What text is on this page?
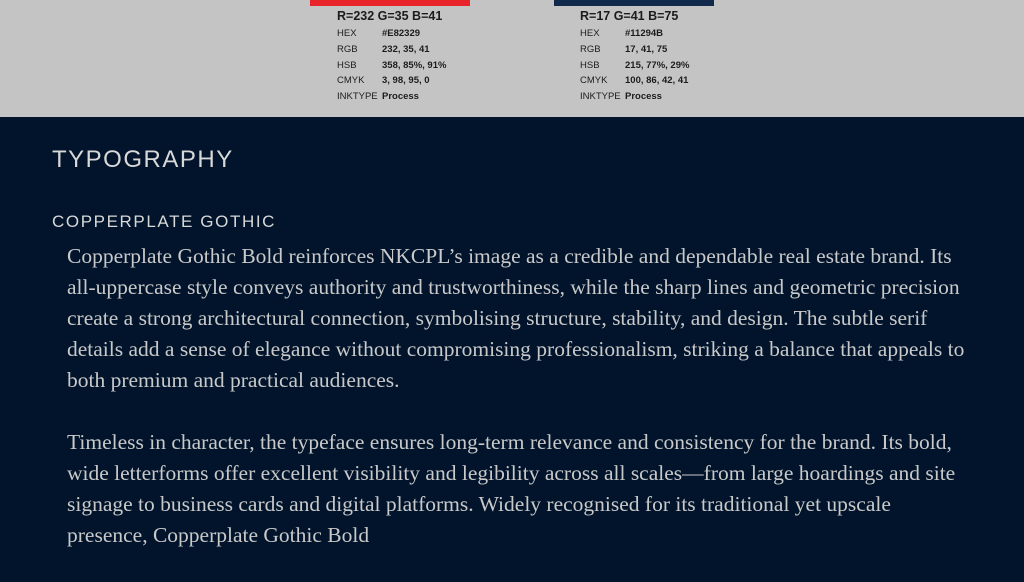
R=232 G=35 B=41
HEX	#E82329
RGB	232, 35, 41
HSB	358, 85%, 91%
CMYK	3, 98, 95, 0
INKTYPE Process
R=17 G=41 B=75
HEX	#11294B
RGB	17, 41, 75
HSB	215, 77%, 29%
CMYK	100, 86, 42, 41
INKTYPE Process
TYPOGRAPHY
COPPERPLATE GOTHIC

Copperplate Gothic Bold reinforces NKCPL’s image as a credible and dependable real estate brand. Its all-uppercase style conveys authority and trustworthiness, while the sharp lines and geometric precision create a strong architectural connection, symbolising structure, stability, and design. The subtle serif details add a sense of elegance without compromising professionalism, striking a balance that appeals to both premium and practical audiences.

Timeless in character, the typeface ensures long-term relevance and consistency for the brand. Its bold, wide letterforms offer excellent visibility and legibility across all scales—from large hoardings and site signage to business cards and digital platforms. Widely recognised for its traditional yet upscale presence, Copperplate Gothic Bold
